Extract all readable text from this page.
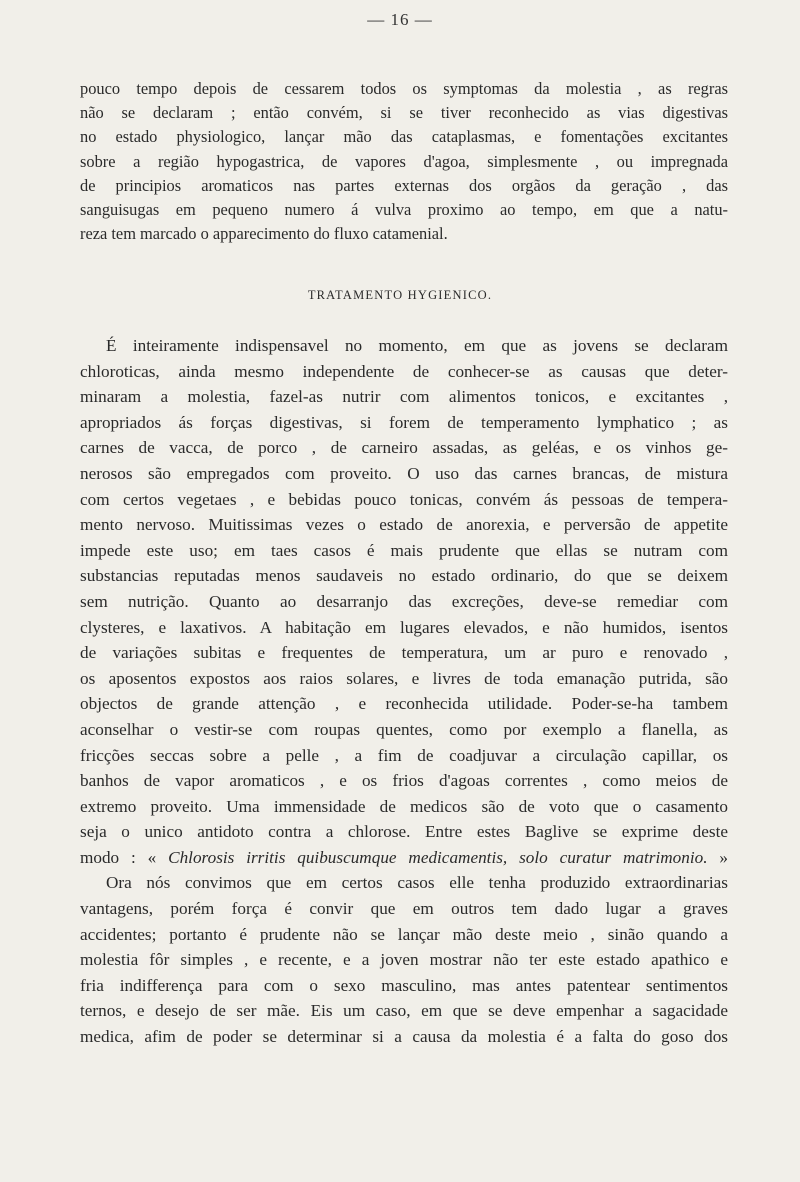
— 16 —
pouco tempo depois de cessarem todos os symptomas da molestia , as regras
não se declaram ; então convém, si se tiver reconhecido as vias digestivas
no estado physiologico, lançar mão das cataplasmas, e fomentações excitantes
sobre a região hypogastrica, de vapores d'agoa, simplesmente , ou impregnada
de principios aromaticos nas partes externas dos orgãos da geração , das
sanguisugas em pequeno numero á vulva proximo ao tempo, em que a natu-
reza tem marcado o apparecimento do fluxo catamenial.
TRATAMENTO HYGIENICO.
É inteiramente indispensavel no momento, em que as jovens se declaram
chloroticas, ainda mesmo independente de conhecer-se as causas que deter-
minaram a molestia, fazel-as nutrir com alimentos tonicos, e excitantes ,
apropriados ás forças digestivas, si forem de temperamento lymphatico ; as
carnes de vacca, de porco , de carneiro assadas, as geléas, e os vinhos ge-
nerosos são empregados com proveito. O uso das carnes brancas, de mistura
com certos vegetaes , e bebidas pouco tonicas, convém ás pessoas de tempera-
mento nervoso. Muitissimas vezes o estado de anorexia, e perversão de appetite
impede este uso; em taes casos é mais prudente que ellas se nutram com
substancias reputadas menos saudaveis no estado ordinario, do que se deixem
sem nutrição. Quanto ao desarranjo das excreções, deve-se remediar com
clysteres, e laxativos. A habitação em lugares elevados, e não humidos, isentos
de variações subitas e frequentes de temperatura, um ar puro e renovado ,
os aposentos expostos aos raios solares, e livres de toda emanação putrida, são
objectos de grande attenção , e reconhecida utilidade. Poder-se-ha tambem
aconselhar o vestir-se com roupas quentes, como por exemplo a flanella, as
fricções seccas sobre a pelle , a fim de coadjuvar a circulação capillar, os
banhos de vapor aromaticos , e os frios d'agoas correntes , como meios de
extremo proveito. Uma immensidade de medicos são de voto que o casamento
seja o unico antidoto contra a chlorose. Entre estes Baglive se exprime deste
modo : « Chlorosis irritis quibuscumque medicamentis, solo curatur matrimonio. »
Ora nós convimos que em certos casos elle tenha produzido extraordinarias
vantagens, porém força é convir que em outros tem dado lugar a graves
accidentes; portanto é prudente não se lançar mão deste meio , sinão quando a
molestia fôr simples , e recente, e a joven mostrar não ter este estado apathico e
fria indifferença para com o sexo masculino, mas antes patentear sentimentos
ternos, e desejo de ser mãe. Eis um caso, em que se deve empenhar a sagacidade
medica, afim de poder se determinar si a causa da molestia é a falta do goso dos
